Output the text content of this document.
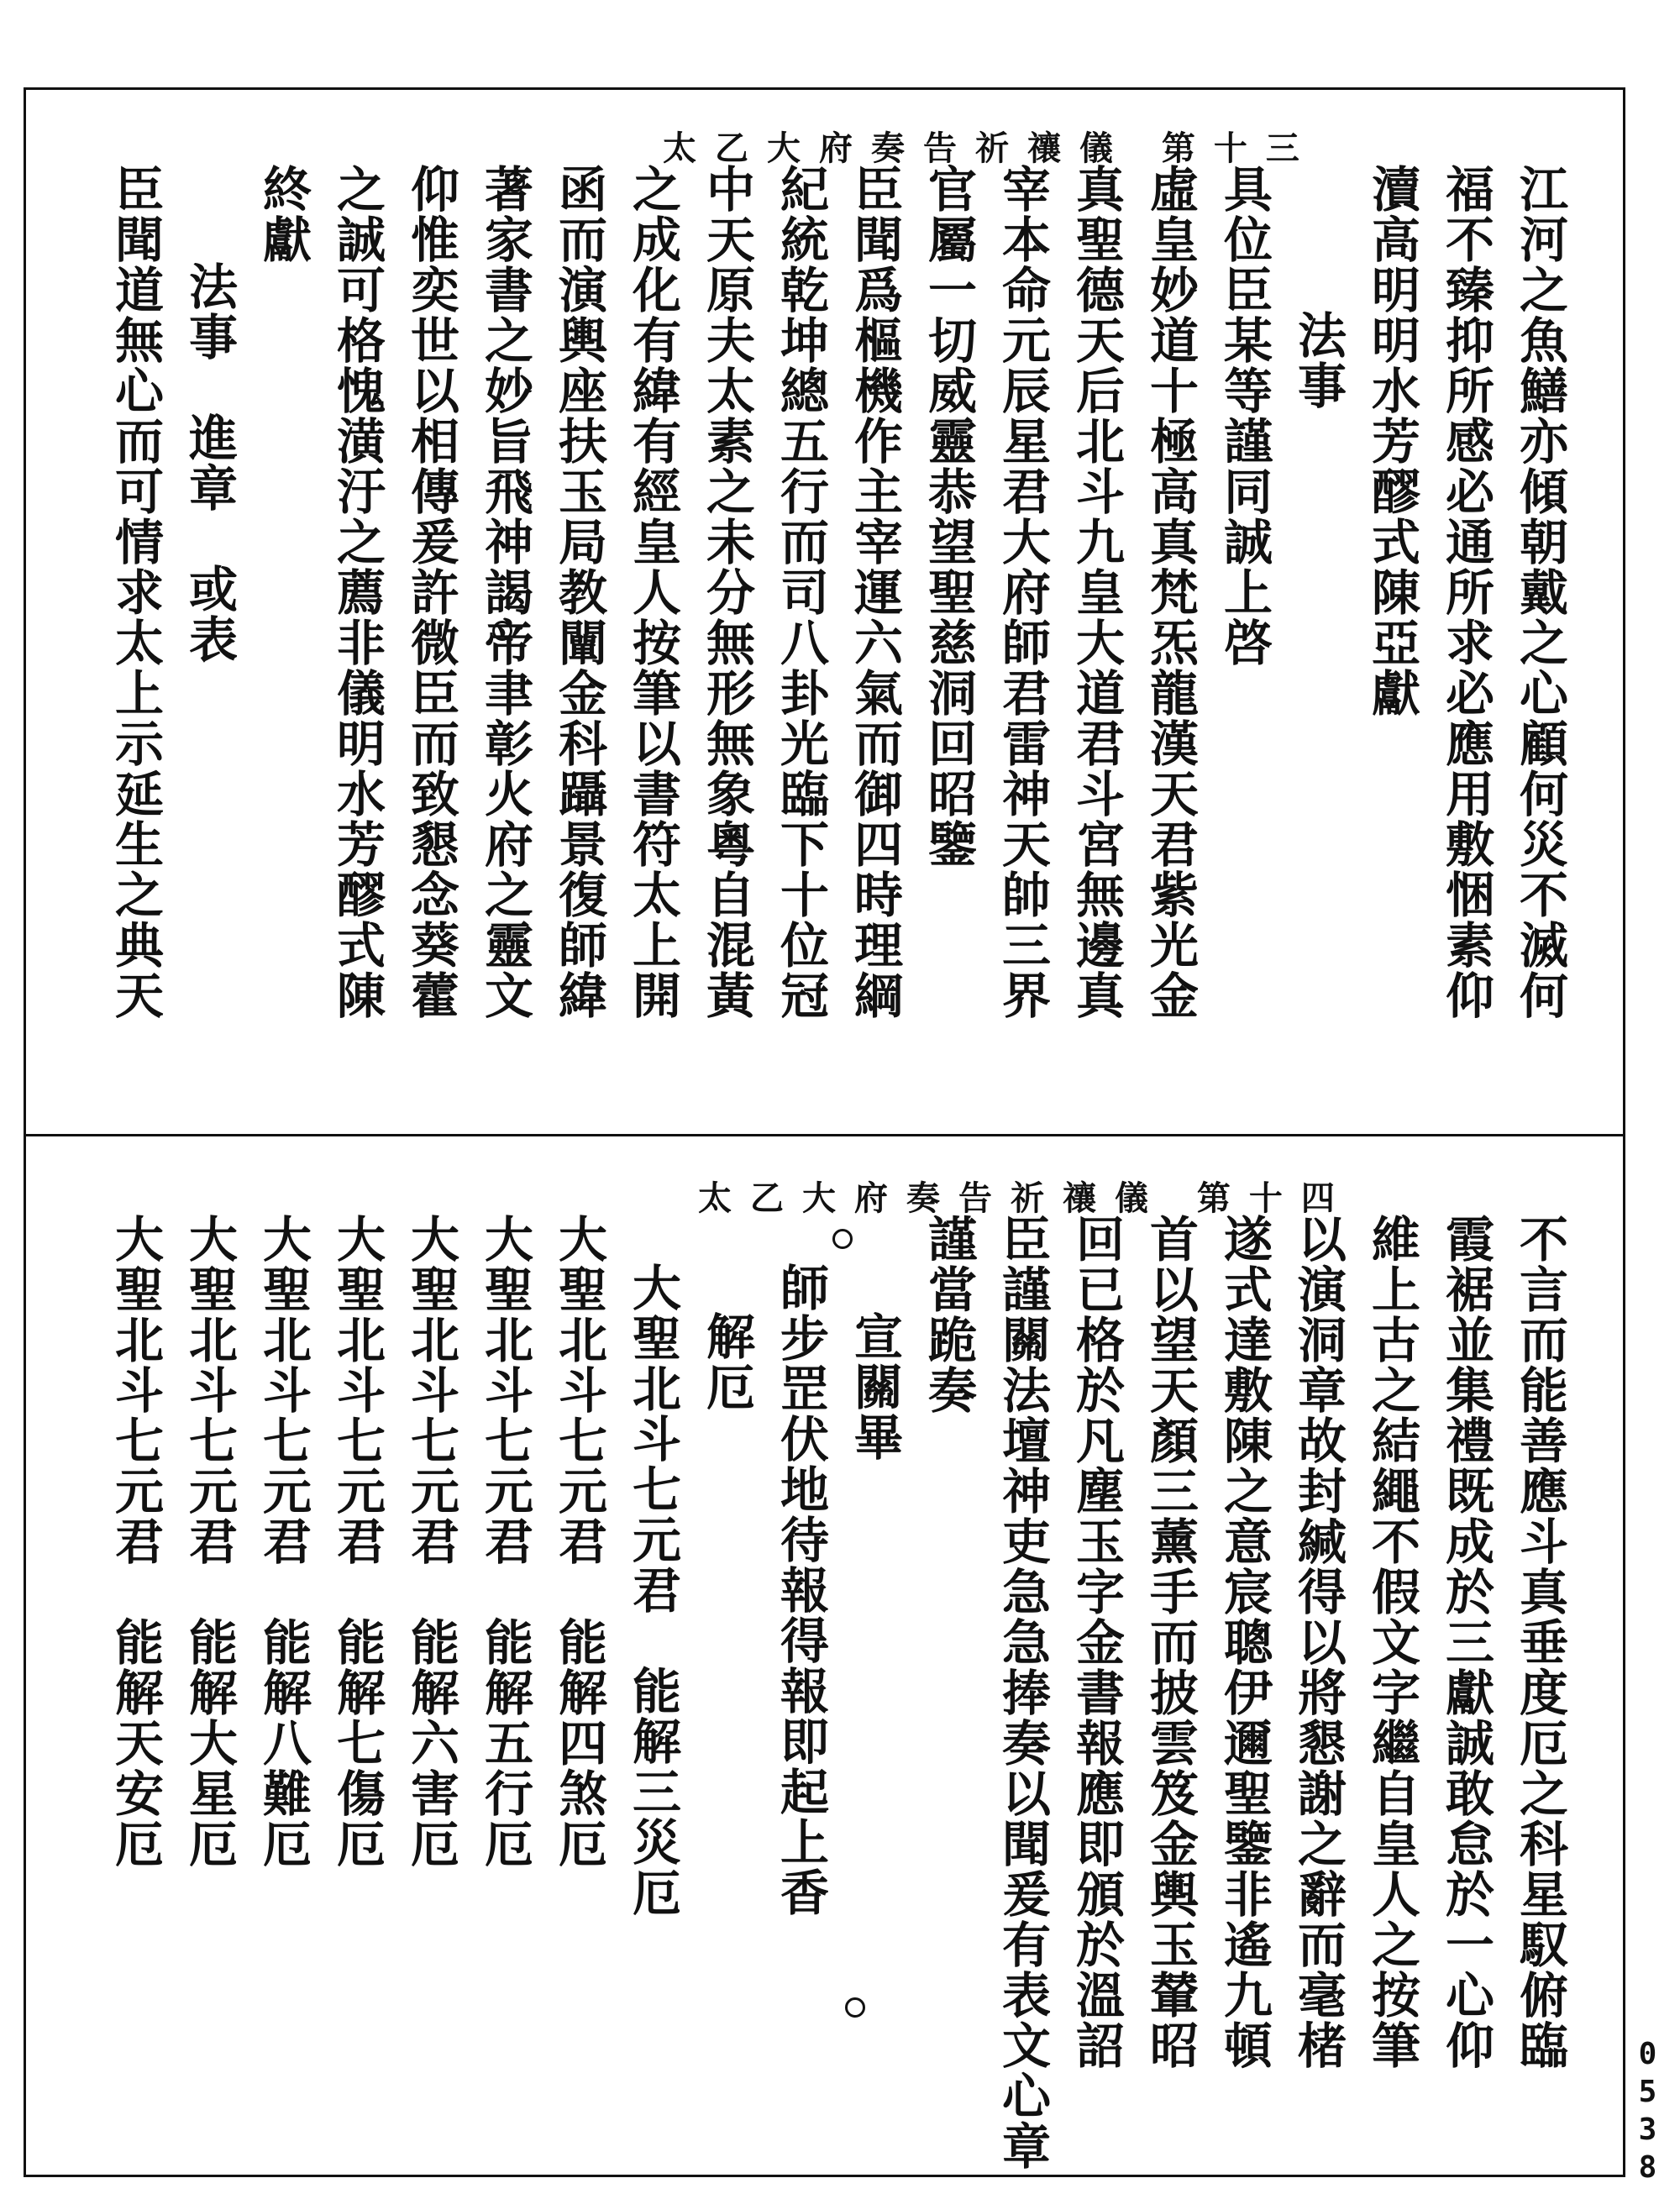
太乙大府奏告祈禳儀 第十三
江河之魚鱔亦傾朝戴之心顧何災不滅何
福不臻抑所感必通所求必應用敷悃素仰
瀆高明明水芳醪式陳亞獻
法事
具位臣某等謹同誠上啓
虛皇妙道十極高真梵炁龍漢天君紫光金
真聖德天后北斗九皇大道君斗宮無邊真
宰本命元辰星君大府師君雷神天帥三界
官屬一切威靈恭望聖慈洞回昭鑒
臣聞爲樞機作主宰運六氣而御四時理綱
紀統乾坤總五行而司八卦光臨下十位冠
中天原夫太素之未分無形無象粵自混黃
之成化有緯有經皇人按筆以書符太上開
函而演輿座扶玉局教闡金科躡景復師緯
著家書之妙旨飛神謁帝聿彰火府之靈文
仰惟奕世以相傳爰許微臣而致懇念葵藿
之誠可格愧潢汙之薦非儀明水芳醪式陳
終獻
法事　進章　或表
臣聞道無心而可情求太上示延生之典天
太乙大府奏告祈禳儀 第十四
不言而能善應斗真垂度厄之科星馭俯臨
霞裾並集禮既成於三獻誠敢怠於一心仰
維上古之結繩不假文字繼自皇人之按筆
以演洞章故封緘得以將懇謝之辭而毫楮
遂式達敷陳之意宸聰伊邇聖鑒非遙九頓
首以望天顏三薰手而披雲笈金輿玉輦昭
回已格於凡塵玉字金書報應即頒於溫詔
臣謹關法壇神吏急急捧奏以聞爰有表文心章
謹當跪奏
宣關畢
師步罡伏地待報得報即起上香
解厄
大聖北斗七元君　能解三災厄
大聖北斗七元君　能解四煞厄
大聖北斗七元君　能解五行厄
大聖北斗七元君　能解六害厄
大聖北斗七元君　能解七傷厄
大聖北斗七元君　能解八難厄
大聖北斗七元君　能解大星厄
大聖北斗七元君　能解天安厄
0538
